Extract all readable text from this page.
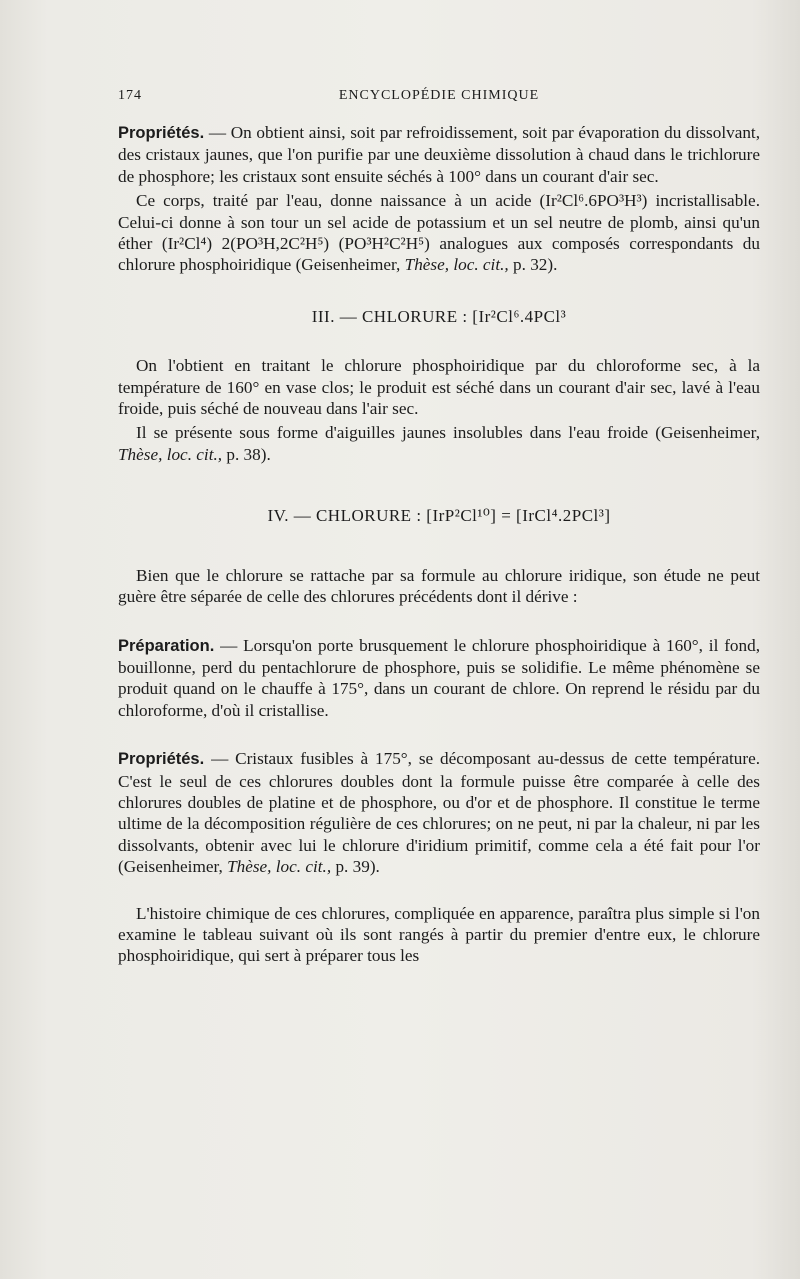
174	ENCYCLOPÉDIE CHIMIQUE

Propriétés. — On obtient ainsi, soit par refroidissement, soit par évaporation du dissolvant, des cristaux jaunes, que l'on purifie par une deuxième dissolution à chaud dans le trichlorure de phosphore; les cristaux sont ensuite séchés à 100° dans un courant d'air sec.

Ce corps, traité par l'eau, donne naissance à un acide (Ir²Cl⁶.6PO³H³) incristallisable. Celui-ci donne à son tour un sel acide de potassium et un sel neutre de plomb, ainsi qu'un éther (Ir²Cl⁴) 2(PO³H,2C²H⁵) (PO³H²C²H⁵) analogues aux composés correspondants du chlorure phosphoiridique (Geisenheimer, Thèse, loc. cit., p. 32).

III. — CHLORURE : [Ir²Cl⁶.4PCl³

On l'obtient en traitant le chlorure phosphoiridique par du chloroforme sec, à la température de 160° en vase clos; le produit est séché dans un courant d'air sec, lavé à l'eau froide, puis séché de nouveau dans l'air sec.

Il se présente sous forme d'aiguilles jaunes insolubles dans l'eau froide (Geisenheimer, Thèse, loc. cit., p. 38).

IV. — CHLORURE : [IrP²Cl¹⁰] = [IrCl⁴.2PCl³]

Bien que le chlorure se rattache par sa formule au chlorure iridique, son étude ne peut guère être séparée de celle des chlorures précédents dont il dérive :

Préparation. — Lorsqu'on porte brusquement le chlorure phosphoiridique à 160°, il fond, bouillonne, perd du pentachlorure de phosphore, puis se solidifie. Le même phénomène se produit quand on le chauffe à 175°, dans un courant de chlore. On reprend le résidu par du chloroforme, d'où il cristallise.

Propriétés. — Cristaux fusibles à 175°, se décomposant au-dessus de cette température. C'est le seul de ces chlorures doubles dont la formule puisse être comparée à celle des chlorures doubles de platine et de phosphore, ou d'or et de phosphore. Il constitue le terme ultime de la décomposition régulière de ces chlorures; on ne peut, ni par la chaleur, ni par les dissolvants, obtenir avec lui le chlorure d'iridium primitif, comme cela a été fait pour l'or (Geisenheimer, Thèse, loc. cit., p. 39).

L'histoire chimique de ces chlorures, compliquée en apparence, paraîtra plus simple si l'on examine le tableau suivant où ils sont rangés à partir du premier d'entre eux, le chlorure phosphoiridique, qui sert à préparer tous les
